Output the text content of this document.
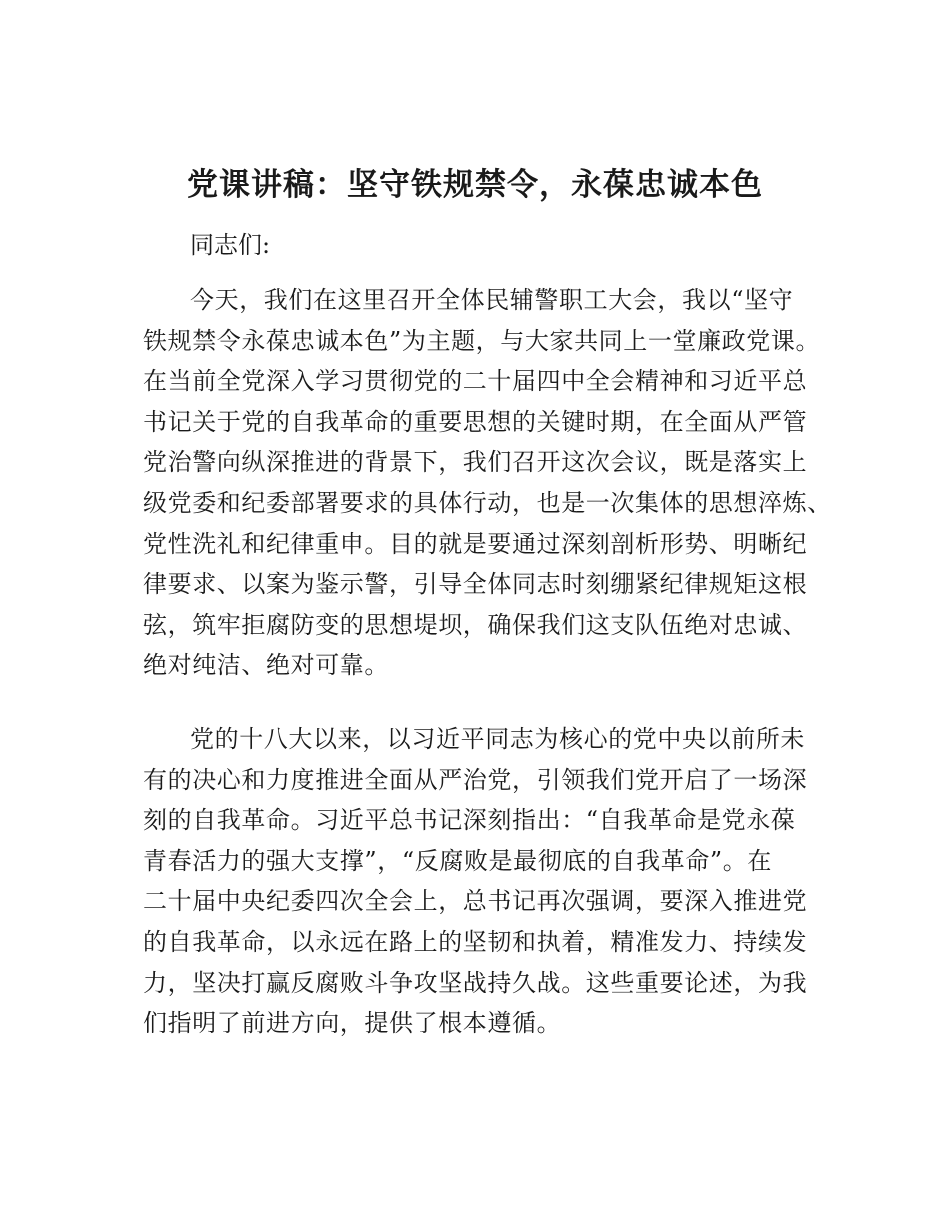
党课讲稿：坚守铁规禁令，永葆忠诚本色

同志们:

今天，我们在这里召开全体民辅警职工大会，我以“坚守
铁规禁令永葆忠诚本色”为主题，与大家共同上一堂廉政党课。
在当前全党深入学习贯彻党的二十届四中全会精神和习近平总
书记关于党的自我革命的重要思想的关键时期，在全面从严管
党治警向纵深推进的背景下，我们召开这次会议，既是落实上
级党委和纪委部署要求的具体行动，也是一次集体的思想淬炼、
党性洗礼和纪律重申。目的就是要通过深刻剖析形势、明晰纪
律要求、以案为鉴示警，引导全体同志时刻绷紧纪律规矩这根
弦，筑牢拒腐防变的思想堤坝，确保我们这支队伍绝对忠诚、
绝对纯洁、绝对可靠。
党的十八大以来，以习近平同志为核心的党中央以前所未
有的决心和力度推进全面从严治党，引领我们党开启了一场深
刻的自我革命。习近平总书记深刻指出：“自我革命是党永葆
青春活力的强大支撑”，“反腐败是最彻底的自我革命”。在
二十届中央纪委四次全会上，总书记再次强调，要深入推进党
的自我革命，以永远在路上的坚韧和执着，精准发力、持续发
力，坚决打赢反腐败斗争攻坚战持久战。这些重要论述，为我
们指明了前进方向，提供了根本遵循。
